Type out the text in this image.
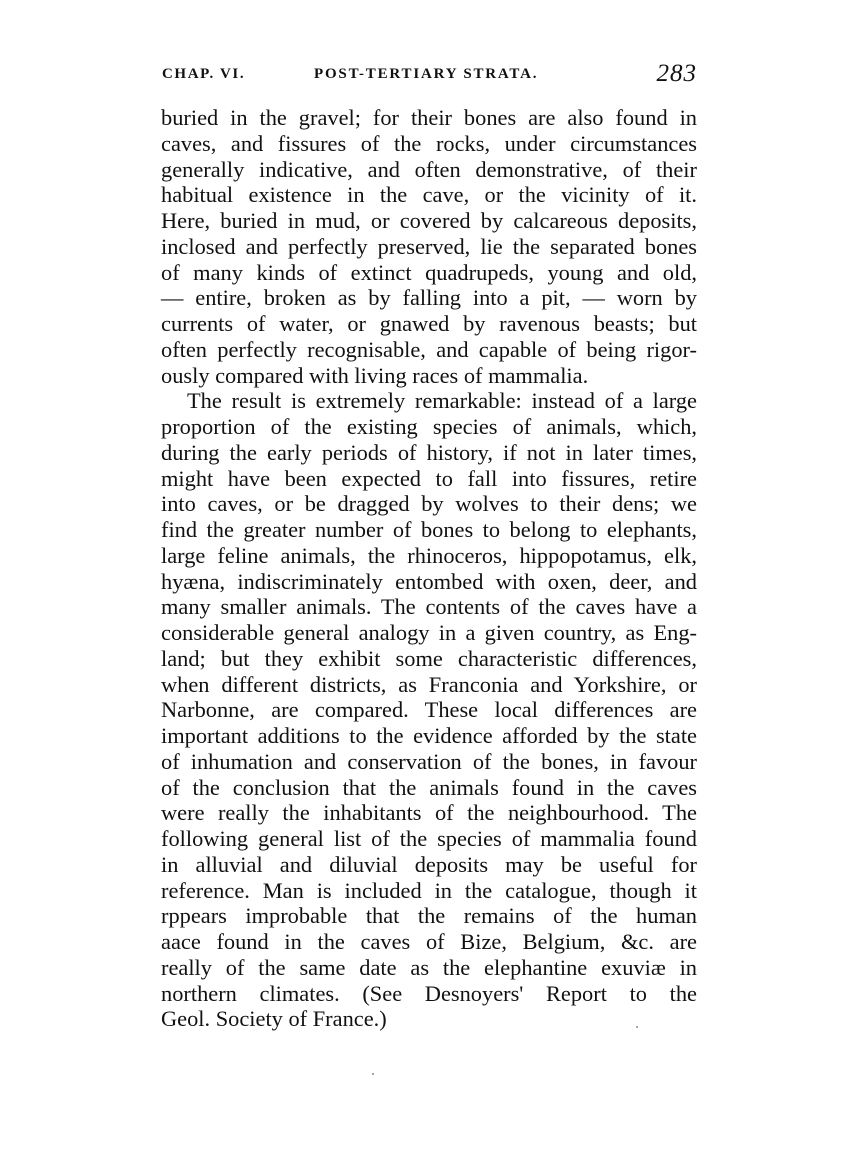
CHAP. VI.	POST-TERTIARY STRATA.	283
buried in the gravel; for their bones are also found in
caves, and fissures of the rocks, under circumstances
generally indicative, and often demonstrative, of their
habitual existence in the cave, or the vicinity of it.
Here, buried in mud, or covered by calcareous deposits,
inclosed and perfectly preserved, lie the separated bones
of many kinds of extinct quadrupeds, young and old,
— entire, broken as by falling into a pit, — worn by
currents of water, or gnawed by ravenous beasts; but
often perfectly recognisable, and capable of being rigor-
ously compared with living races of mammalia.
The result is extremely remarkable: instead of a large
proportion of the existing species of animals, which,
during the early periods of history, if not in later times,
might have been expected to fall into fissures, retire
into caves, or be dragged by wolves to their dens; we
find the greater number of bones to belong to elephants,
large feline animals, the rhinoceros, hippopotamus, elk,
hyæna, indiscriminately entombed with oxen, deer, and
many smaller animals. The contents of the caves have a
considerable general analogy in a given country, as Eng-
land; but they exhibit some characteristic differences,
when different districts, as Franconia and Yorkshire, or
Narbonne, are compared. These local differences are
important additions to the evidence afforded by the state
of inhumation and conservation of the bones, in favour
of the conclusion that the animals found in the caves
were really the inhabitants of the neighbourhood. The
following general list of the species of mammalia found
in alluvial and diluvial deposits may be useful for
reference. Man is included in the catalogue, though it
rppears improbable that the remains of the human
aace found in the caves of Bize, Belgium, &c. are
really of the same date as the elephantine exuviæ in
northern climates. (See Desnoyers' Report to the
Geol. Society of France.)
